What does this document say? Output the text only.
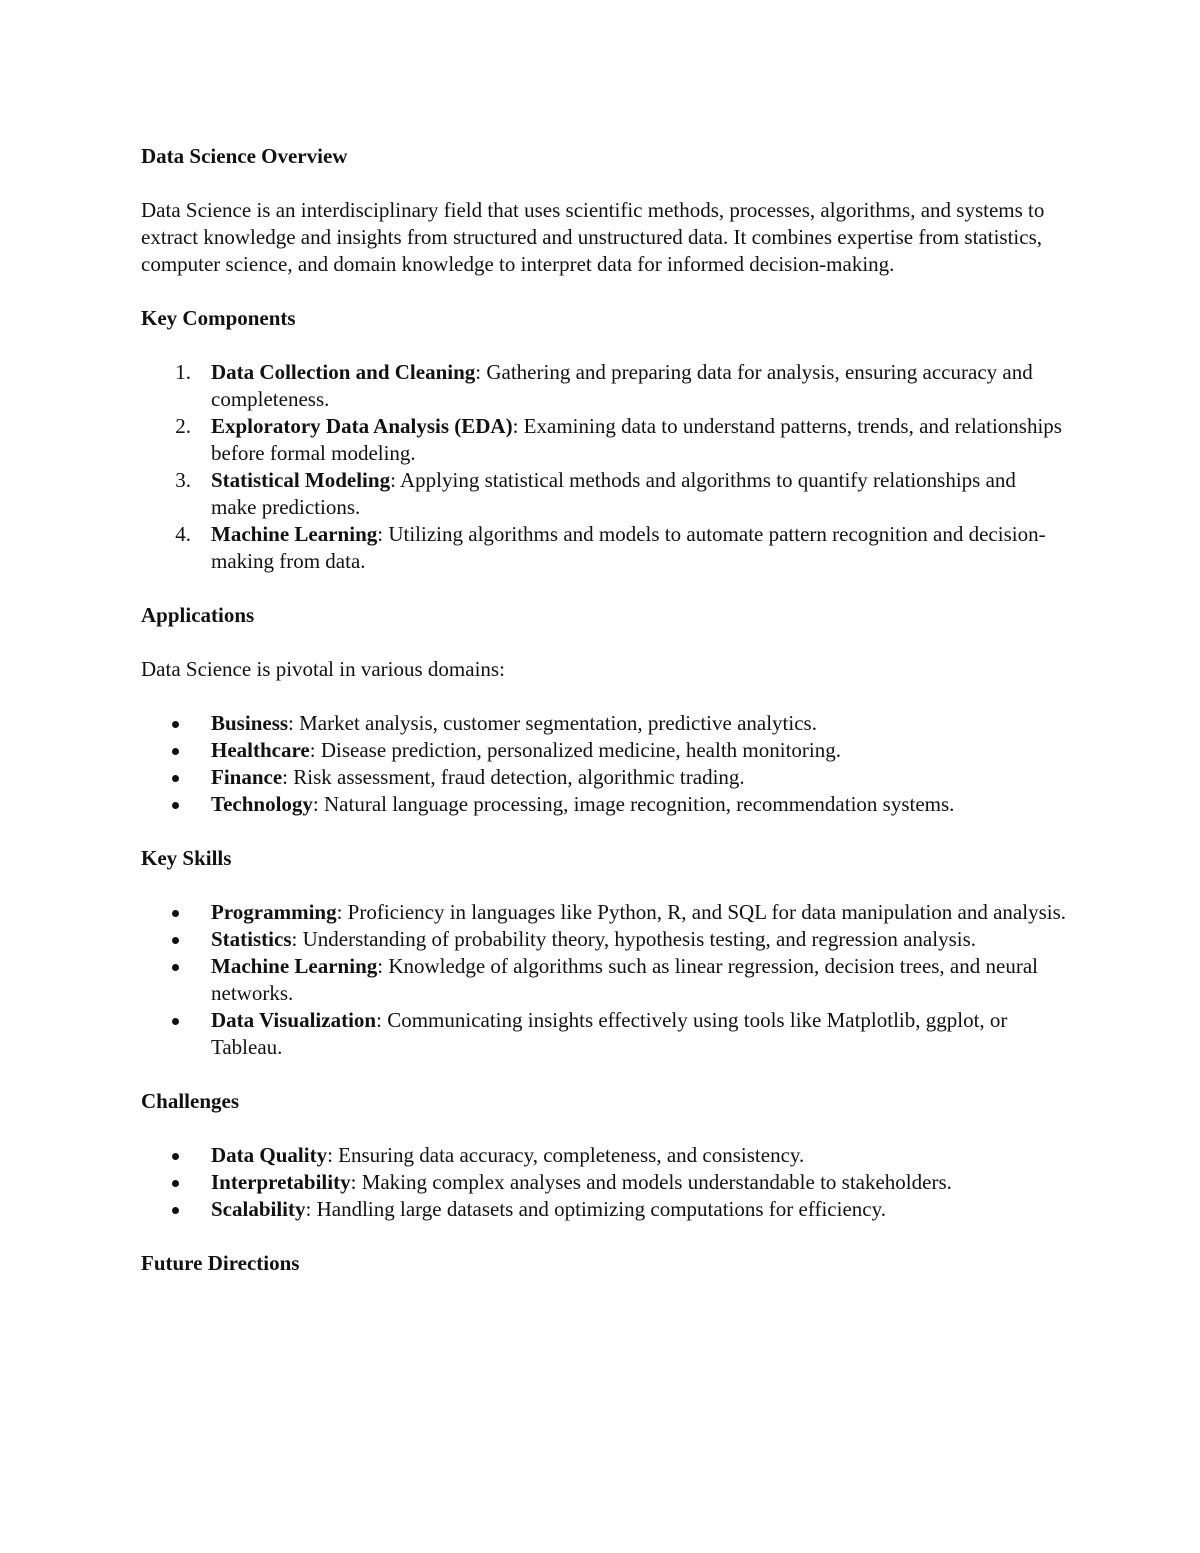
Data Science Overview

Data Science is an interdisciplinary field that uses scientific methods, processes, algorithms, and systems to extract knowledge and insights from structured and unstructured data. It combines expertise from statistics, computer science, and domain knowledge to interpret data for informed decision-making.

Key Components
1. Data Collection and Cleaning: Gathering and preparing data for analysis, ensuring accuracy and completeness.
2. Exploratory Data Analysis (EDA): Examining data to understand patterns, trends, and relationships before formal modeling.
3. Statistical Modeling: Applying statistical methods and algorithms to quantify relationships and make predictions.
4. Machine Learning: Utilizing algorithms and models to automate pattern recognition and decision-making from data.
Applications

Data Science is pivotal in various domains:

Business: Market analysis, customer segmentation, predictive analytics.
Healthcare: Disease prediction, personalized medicine, health monitoring.
Finance: Risk assessment, fraud detection, algorithmic trading.
Technology: Natural language processing, image recognition, recommendation systems.
Key Skills
Programming: Proficiency in languages like Python, R, and SQL for data manipulation and analysis.
Statistics: Understanding of probability theory, hypothesis testing, and regression analysis.
Machine Learning: Knowledge of algorithms such as linear regression, decision trees, and neural networks.
Data Visualization: Communicating insights effectively using tools like Matplotlib, ggplot, or Tableau.
Challenges
Data Quality: Ensuring data accuracy, completeness, and consistency.
Interpretability: Making complex analyses and models understandable to stakeholders.
Scalability: Handling large datasets and optimizing computations for efficiency.
Future Directions
